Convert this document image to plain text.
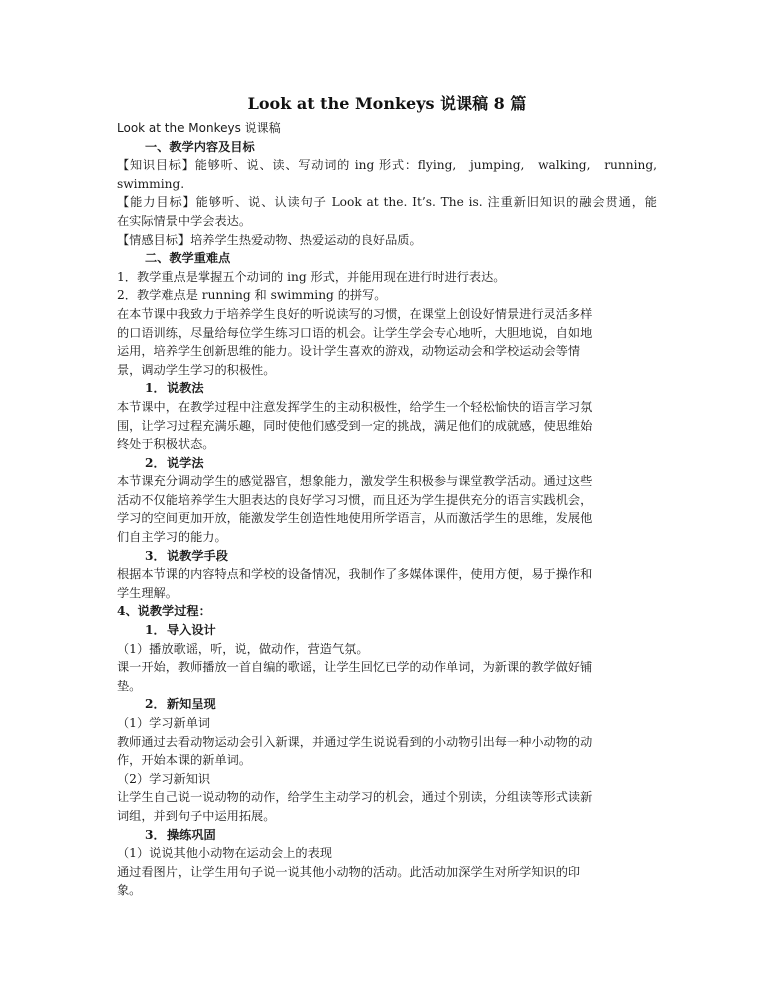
Look at the Monkeys 说课稿 8 篇

Look at the Monkeys 说课稿

一、教学内容及目标

【知识目标】能够听、说、读、写动词的 ing 形式：flying,　jumping,　walking,　running,

swimming.

【能力目标】能够听、说、认读句子 Look at the. It’s. The is. 注重新旧知识的融会贯通，能

在实际情景中学会表达。

【情感目标】培养学生热爱动物、热爱运动的良好品质。

二、教学重难点

1．教学重点是掌握五个动词的 ing 形式，并能用现在进行时进行表达。

2．教学难点是 running 和 swimming 的拼写。

在本节课中我致力于培养学生良好的听说读写的习惯，在课堂上创设好情景进行灵活多样

的口语训练，尽量给每位学生练习口语的机会。让学生学会专心地听，大胆地说，自如地

运用，培养学生创新思维的能力。设计学生喜欢的游戏，动物运动会和学校运动会等情

景，调动学生学习的积极性。

1．说教法

本节课中，在教学过程中注意发挥学生的主动积极性，给学生一个轻松愉快的语言学习氛

围，让学习过程充满乐趣，同时使他们感受到一定的挑战，满足他们的成就感，使思维始

终处于积极状态。

2．说学法

本节课充分调动学生的感觉器官，想象能力，激发学生积极参与课堂教学活动。通过这些

活动不仅能培养学生大胆表达的良好学习习惯，而且还为学生提供充分的语言实践机会，

学习的空间更加开放，能激发学生创造性地使用所学语言，从而激活学生的思维，发展他

们自主学习的能力。

3．说教学手段

根据本节课的内容特点和学校的设备情况，我制作了多媒体课件，使用方便，易于操作和

学生理解。

4、说教学过程：

1．导入设计

（1）播放歌谣，听，说，做动作，营造气氛。

课一开始，教师播放一首自编的歌谣，让学生回忆已学的动作单词，为新课的教学做好铺

垫。

2．新知呈现

（1）学习新单词

教师通过去看动物运动会引入新课，并通过学生说说看到的小动物引出每一种小动物的动

作，开始本课的新单词。

（2）学习新知识

让学生自己说一说动物的动作，给学生主动学习的机会，通过个别读，分组读等形式读新

词组，并到句子中运用拓展。

3．操练巩固

（1）说说其他小动物在运动会上的表现

通过看图片，让学生用句子说一说其他小动物的活动。此活动加深学生对所学知识的印

象。
